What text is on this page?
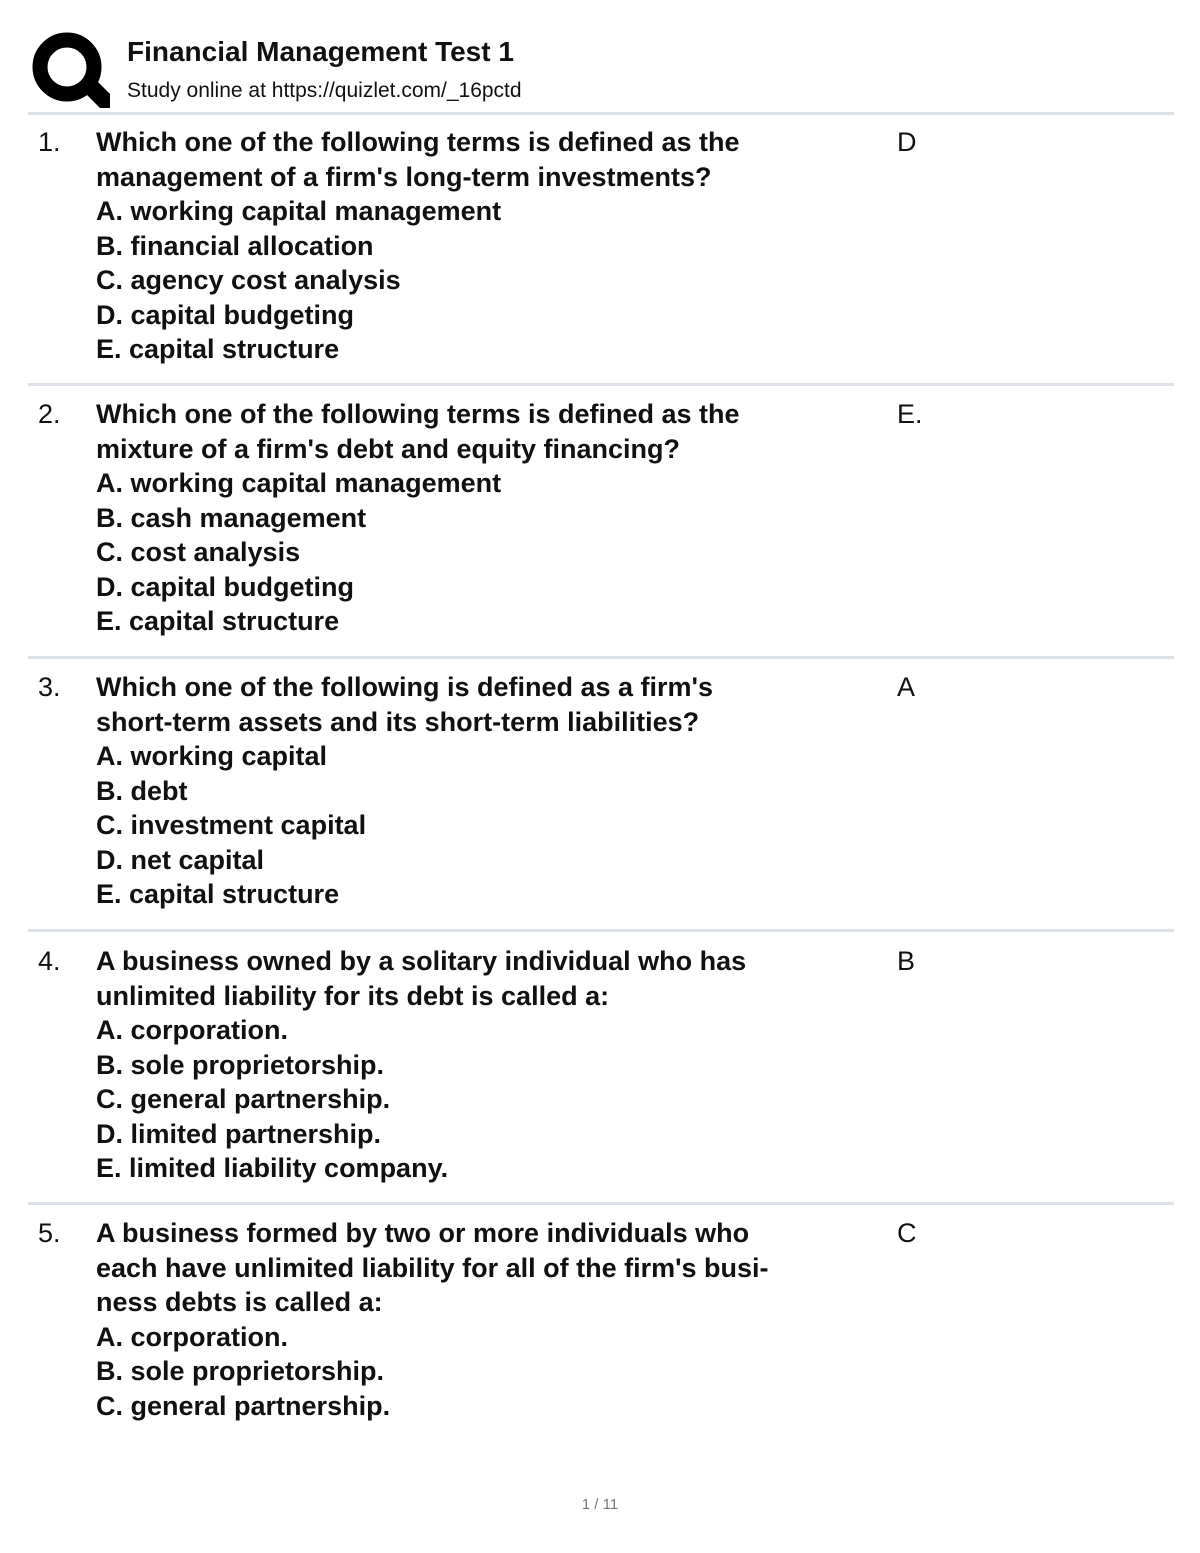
Financial Management Test 1
Study online at https://quizlet.com/_16pctd
1. Which one of the following terms is defined as the
management of a firm's long-term investments?
A. working capital management
B. financial allocation
C. agency cost analysis
D. capital budgeting
E. capital structure
D
2. Which one of the following terms is defined as the
mixture of a firm's debt and equity financing?
A. working capital management
B. cash management
C. cost analysis
D. capital budgeting
E. capital structure
E.
3. Which one of the following is defined as a firm's
short-term assets and its short-term liabilities?
A. working capital
B. debt
C. investment capital
D. net capital
E. capital structure
A
4. A business owned by a solitary individual who has
unlimited liability for its debt is called a:
A. corporation.
B. sole proprietorship.
C. general partnership.
D. limited partnership.
E. limited liability company.
B
5. A business formed by two or more individuals who
each have unlimited liability for all of the firm's busi-
ness debts is called a:
A. corporation.
B. sole proprietorship.
C. general partnership.
C
1 / 11
